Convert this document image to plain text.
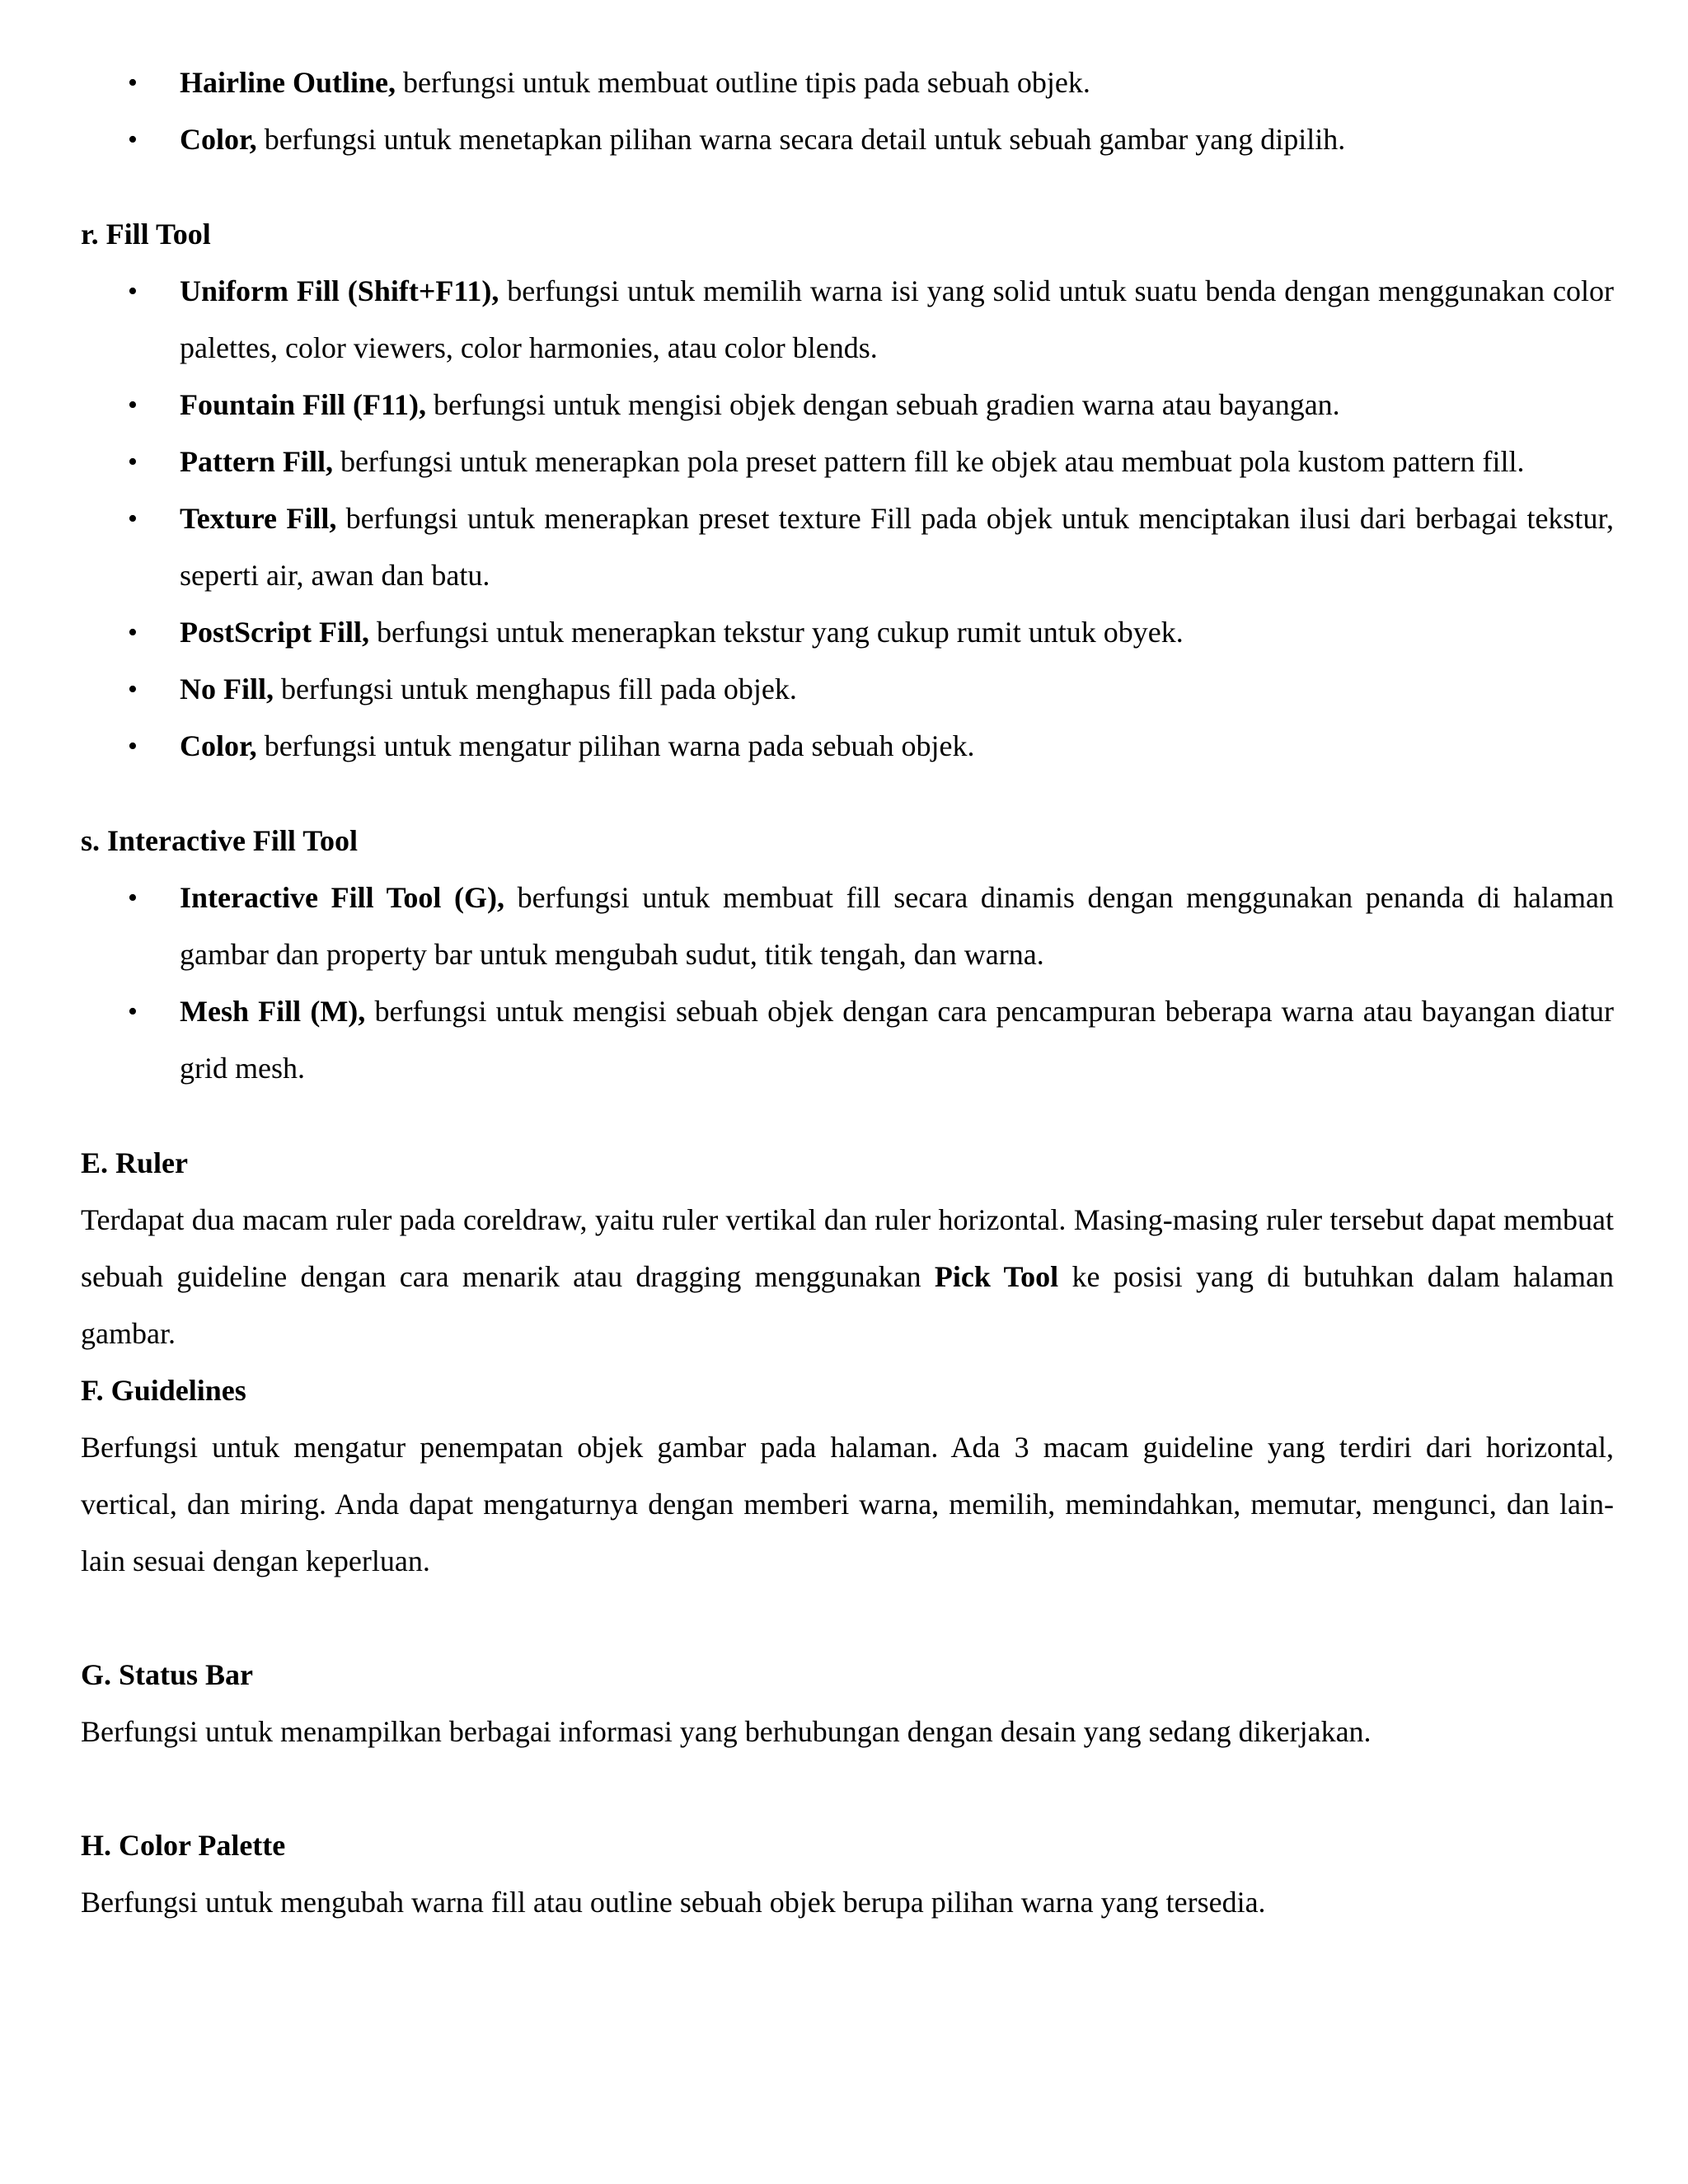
• Hairline Outline, berfungsi untuk membuat outline tipis pada sebuah objek.
• Color, berfungsi untuk menetapkan pilihan warna secara detail untuk sebuah gambar yang dipilih.

r. Fill Tool

• Uniform Fill (Shift+F11), berfungsi untuk memilih warna isi yang solid untuk suatu benda dengan menggunakan color palettes, color viewers, color harmonies, atau color blends.
• Fountain Fill (F11), berfungsi untuk mengisi objek dengan sebuah gradien warna atau bayangan.
• Pattern Fill, berfungsi untuk menerapkan pola preset pattern fill ke objek atau membuat pola kustom pattern fill.
• Texture Fill, berfungsi untuk menerapkan preset texture Fill pada objek untuk menciptakan ilusi dari berbagai tekstur, seperti air, awan dan batu.
• PostScript Fill, berfungsi untuk menerapkan tekstur yang cukup rumit untuk obyek.
• No Fill, berfungsi untuk menghapus fill pada objek.
• Color, berfungsi untuk mengatur pilihan warna pada sebuah objek.

s. Interactive Fill Tool

• Interactive Fill Tool (G), berfungsi untuk membuat fill secara dinamis dengan menggunakan penanda di halaman gambar dan property bar untuk mengubah sudut, titik tengah, dan warna.
• Mesh Fill (M), berfungsi untuk mengisi sebuah objek dengan cara pencampuran beberapa warna atau bayangan diatur grid mesh.

E. Ruler

Terdapat dua macam ruler pada coreldraw, yaitu ruler vertikal dan ruler horizontal. Masing-masing ruler tersebut dapat membuat sebuah guideline dengan cara menarik atau dragging menggunakan Pick Tool ke posisi yang di butuhkan dalam halaman gambar.

F. Guidelines

Berfungsi untuk mengatur penempatan objek gambar pada halaman. Ada 3 macam guideline yang terdiri dari horizontal, vertical, dan miring. Anda dapat mengaturnya dengan memberi warna, memilih, memindahkan, memutar, mengunci, dan lain-lain sesuai dengan keperluan.

G. Status Bar

Berfungsi untuk menampilkan berbagai informasi yang berhubungan dengan desain yang sedang dikerjakan.

H. Color Palette

Berfungsi untuk mengubah warna fill atau outline sebuah objek berupa pilihan warna yang tersedia.
